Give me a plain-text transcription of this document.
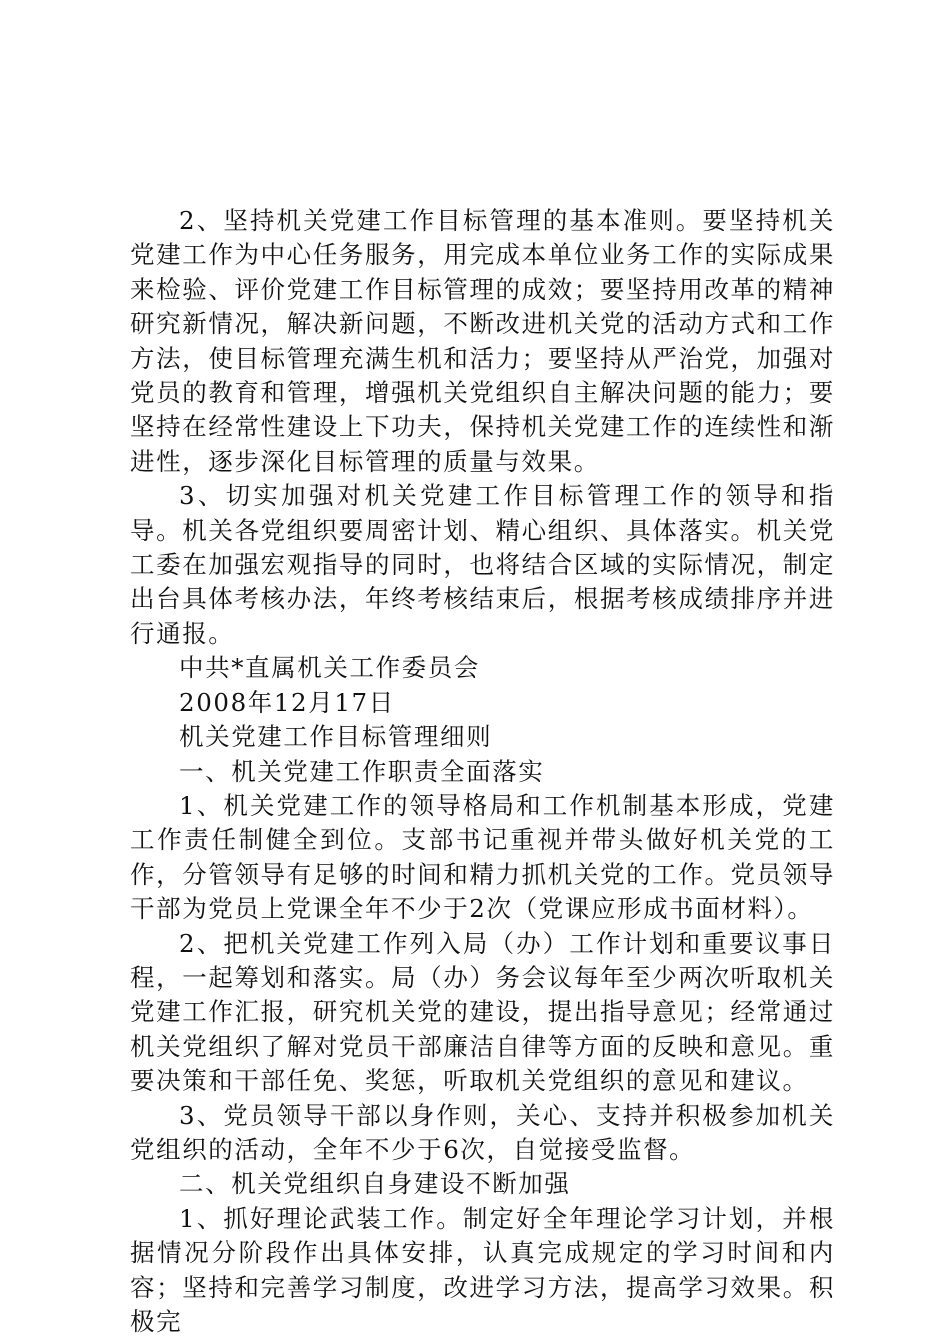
2、坚持机关党建工作目标管理的基本准则。要坚持机关党建工作为中心任务服务，用完成本单位业务工作的实际成果来检验、评价党建工作目标管理的成效；要坚持用改革的精神研究新情况，解决新问题，不断改进机关党的活动方式和工作方法，使目标管理充满生机和活力；要坚持从严治党，加强对党员的教育和管理，增强机关党组织自主解决问题的能力；要坚持在经常性建设上下功夫，保持机关党建工作的连续性和渐进性，逐步深化目标管理的质量与效果。

3、切实加强对机关党建工作目标管理工作的领导和指导。机关各党组织要周密计划、精心组织、具体落实。机关党工委在加强宏观指导的同时，也将结合区域的实际情况，制定出台具体考核办法，年终考核结束后，根据考核成绩排序并进行通报。

中共*直属机关工作委员会

2008年12月17日

机关党建工作目标管理细则

一、机关党建工作职责全面落实

1、机关党建工作的领导格局和工作机制基本形成，党建工作责任制健全到位。支部书记重视并带头做好机关党的工作，分管领导有足够的时间和精力抓机关党的工作。党员领导干部为党员上党课全年不少于2次（党课应形成书面材料）。

2、把机关党建工作列入局（办）工作计划和重要议事日程，一起筹划和落实。局（办）务会议每年至少两次听取机关党建工作汇报，研究机关党的建设，提出指导意见；经常通过机关党组织了解对党员干部廉洁自律等方面的反映和意见。重要决策和干部任免、奖惩，听取机关党组织的意见和建议。

3、党员领导干部以身作则，关心、支持并积极参加机关党组织的活动，全年不少于6次，自觉接受监督。

二、机关党组织自身建设不断加强

1、抓好理论武装工作。制定好全年理论学习计划，并根据情况分阶段作出具体安排，认真完成规定的学习时间和内容；坚持和完善学习制度，改进学习方法，提高学习效果。积极完
